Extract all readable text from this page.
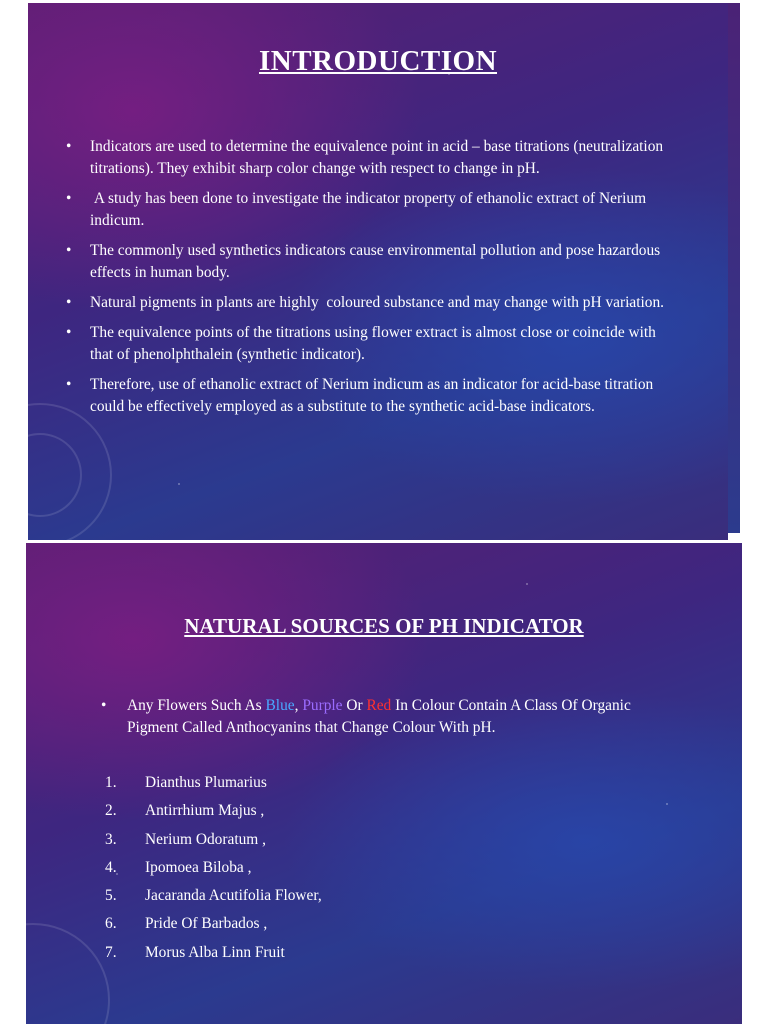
INTRODUCTION
• Indicators are used to determine the equivalence point in acid – base titrations (neutralization titrations). They exhibit sharp color change with respect to change in pH.
• A study has been done to investigate the indicator property of ethanolic extract of Nerium indicum.
• The commonly used synthetics indicators cause environmental pollution and pose hazardous effects in human body.
• Natural pigments in plants are highly  coloured substance and may change with pH variation.
• The equivalence points of the titrations using flower extract is almost close or coincide with that of phenolphthalein (synthetic indicator).
• Therefore, use of ethanolic extract of Nerium indicum as an indicator for acid-base titration could be effectively employed as a substitute to the synthetic acid-base indicators.
NATURAL SOURCES OF PH INDICATOR
• Any Flowers Such As Blue, Purple Or Red In Colour Contain A Class Of Organic Pigment Called Anthocyanins that Change Colour With pH.
1.	Dianthus Plumarius
2.	Antirrhium Majus ,
3.	Nerium Odoratum ,
4.	Ipomoea Biloba ,
5.	Jacaranda Acutifolia Flower,
6.	Pride Of Barbados ,
7.	Morus Alba Linn Fruit
